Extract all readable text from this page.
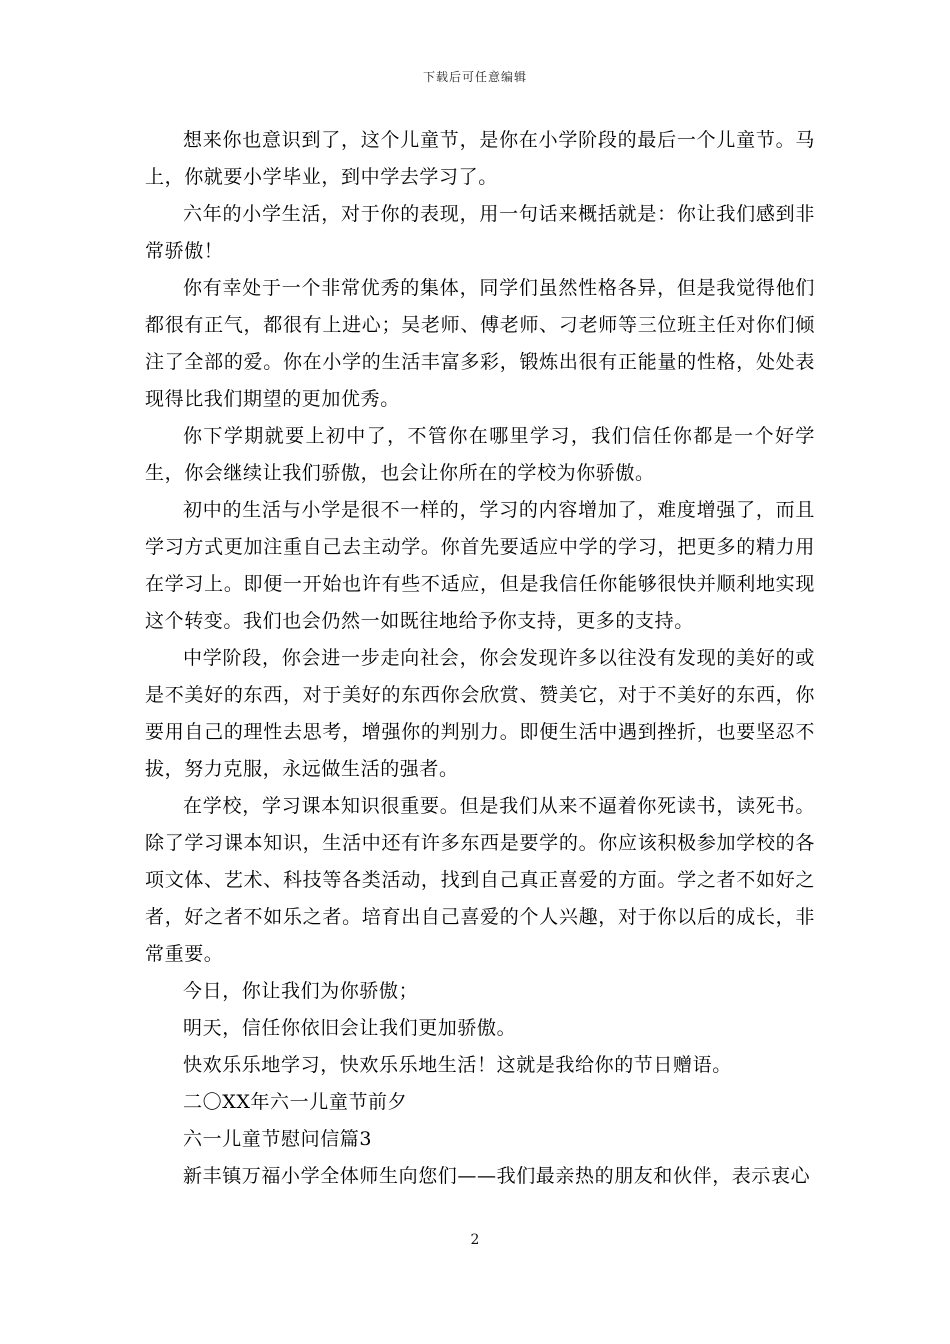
下载后可任意编辑

想来你也意识到了，这个儿童节，是你在小学阶段的最后一个儿童节。马上，你就要小学毕业，到中学去学习了。

六年的小学生活，对于你的表现，用一句话来概括就是：你让我们感到非常骄傲！

你有幸处于一个非常优秀的集体，同学们虽然性格各异，但是我觉得他们都很有正气，都很有上进心；吴老师、傅老师、刁老师等三位班主任对你们倾注了全部的爱。你在小学的生活丰富多彩，锻炼出很有正能量的性格，处处表现得比我们期望的更加优秀。

你下学期就要上初中了，不管你在哪里学习，我们信任你都是一个好学生，你会继续让我们骄傲，也会让你所在的学校为你骄傲。

初中的生活与小学是很不一样的，学习的内容增加了，难度增强了，而且学习方式更加注重自己去主动学。你首先要适应中学的学习，把更多的精力用在学习上。即便一开始也许有些不适应，但是我信任你能够很快并顺利地实现这个转变。我们也会仍然一如既往地给予你支持，更多的支持。

中学阶段，你会进一步走向社会，你会发现许多以往没有发现的美好的或是不美好的东西，对于美好的东西你会欣赏、赞美它，对于不美好的东西，你要用自己的理性去思考，增强你的判别力。即便生活中遇到挫折，也要坚忍不拔，努力克服，永远做生活的强者。

在学校，学习课本知识很重要。但是我们从来不逼着你死读书，读死书。除了学习课本知识，生活中还有许多东西是要学的。你应该积极参加学校的各项文体、艺术、科技等各类活动，找到自己真正喜爱的方面。学之者不如好之者，好之者不如乐之者。培育出自己喜爱的个人兴趣，对于你以后的成长，非常重要。

今日，你让我们为你骄傲；

明天，信任你依旧会让我们更加骄傲。

快欢乐乐地学习，快欢乐乐地生活！这就是我给你的节日赠语。

二〇XX年六一儿童节前夕

六一儿童节慰问信篇3

新丰镇万福小学全体师生向您们——我们最亲热的朋友和伙伴，表示衷心

2
